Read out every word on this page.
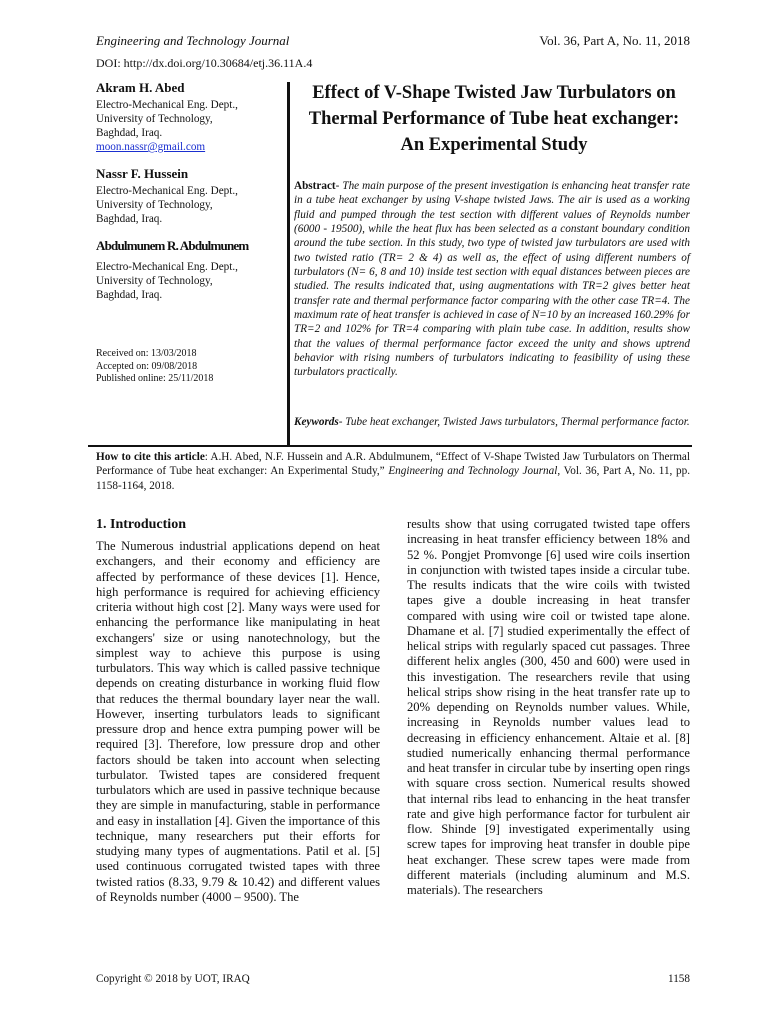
Engineering and Technology Journal	Vol. 36, Part A, No. 11, 2018
DOI: http://dx.doi.org/10.30684/etj.36.11A.4
Akram H. Abed
Electro-Mechanical Eng. Dept.,
University of Technology,
Baghdad, Iraq.
moon.nassr@gmail.com
Nassr F. Hussein
Electro-Mechanical Eng. Dept.,
University of Technology,
Baghdad, Iraq.
Abdulmunem R. Abdulmunem
Electro-Mechanical Eng. Dept.,
University of Technology,
Baghdad, Iraq.
Received on: 13/03/2018
Accepted on: 09/08/2018
Published online: 25/11/2018
Effect of V-Shape Twisted Jaw Turbulators on Thermal Performance of Tube heat exchanger: An Experimental Study

Abstract- The main purpose of the present investigation is enhancing heat transfer rate in a tube heat exchanger by using V-shape twisted Jaws. The air is used as a working fluid and pumped through the test section with different values of Reynolds number (6000 - 19500), while the heat flux has been selected as a constant boundary condition around the tube section. In this study, two type of twisted jaw turbulators are used with two twisted ratio (TR= 2 & 4) as well as, the effect of using different numbers of turbulators (N= 6, 8 and 10) inside test section with equal distances between pieces are studied. The results indicated that, using augmentations with TR=2 gives better heat transfer rate and thermal performance factor comparing with the other case TR=4. The maximum rate of heat transfer is achieved in case of N=10 by an increased 160.29% for TR=2 and 102% for TR=4 comparing with plain tube case. In addition, results show that the values of thermal performance factor exceed the unity and shows uptrend behavior with rising numbers of turbulators indicating to feasibility of using these turbulators practically.

Keywords- Tube heat exchanger, Twisted Jaws turbulators, Thermal performance factor.

How to cite this article: A.H. Abed, N.F. Hussein and A.R. Abdulmunem, “Effect of V-Shape Twisted Jaw Turbulators on Thermal Performance of Tube heat exchanger: An Experimental Study,” Engineering and Technology Journal, Vol. 36, Part A, No. 11, pp. 1158-1164, 2018.

1. Introduction

The Numerous industrial applications depend on heat exchangers, and their economy and efficiency are affected by performance of these devices [1]. Hence, high performance is required for achieving efficiency criteria without high cost [2]. Many ways were used for enhancing the performance like manipulating in heat exchangers' size or using nanotechnology, but the simplest way to achieve this purpose is using turbulators. This way which is called passive technique depends on creating disturbance in working fluid flow that reduces the thermal boundary layer near the wall. However, inserting turbulators leads to significant pressure drop and hence extra pumping power will be required [3]. Therefore, low pressure drop and other factors should be taken into account when selecting turbulator. Twisted tapes are considered frequent turbulators which are used in passive technique because they are simple in manufacturing, stable in performance and easy in installation [4]. Given the importance of this technique, many researchers put their efforts for studying many types of augmentations. Patil et al. [5] used continuous corrugated twisted tapes with three twisted ratios (8.33, 9.79 & 10.42) and different values of Reynolds number (4000 – 9500). The

results show that using corrugated twisted tape offers increasing in heat transfer efficiency between 18% and 52 %. Pongjet Promvonge [6] used wire coils insertion in conjunction with twisted tapes inside a circular tube. The results indicats that the wire coils with twisted tapes give a double increasing in heat transfer compared with using wire coil or twisted tape alone. Dhamane et al. [7] studied experimentally the effect of helical strips with regularly spaced cut passages. Three different helix angles (300, 450 and 600) were used in this investigation. The researchers revile that using helical strips show rising in the heat transfer rate up to 20% depending on Reynolds number values. While, increasing in Reynolds number values lead to decreasing in efficiency enhancement. Altaie et al. [8] studied numerically enhancing thermal performance and heat transfer in circular tube by inserting open rings with square cross section. Numerical results showed that internal ribs lead to enhancing in the heat transfer rate and give high performance factor for turbulent air flow. Shinde [9] investigated experimentally using screw tapes for improving heat transfer in double pipe heat exchanger. These screw tapes were made from different materials (including aluminum and M.S. materials). The researchers

Copyright © 2018 by UOT, IRAQ	1158
